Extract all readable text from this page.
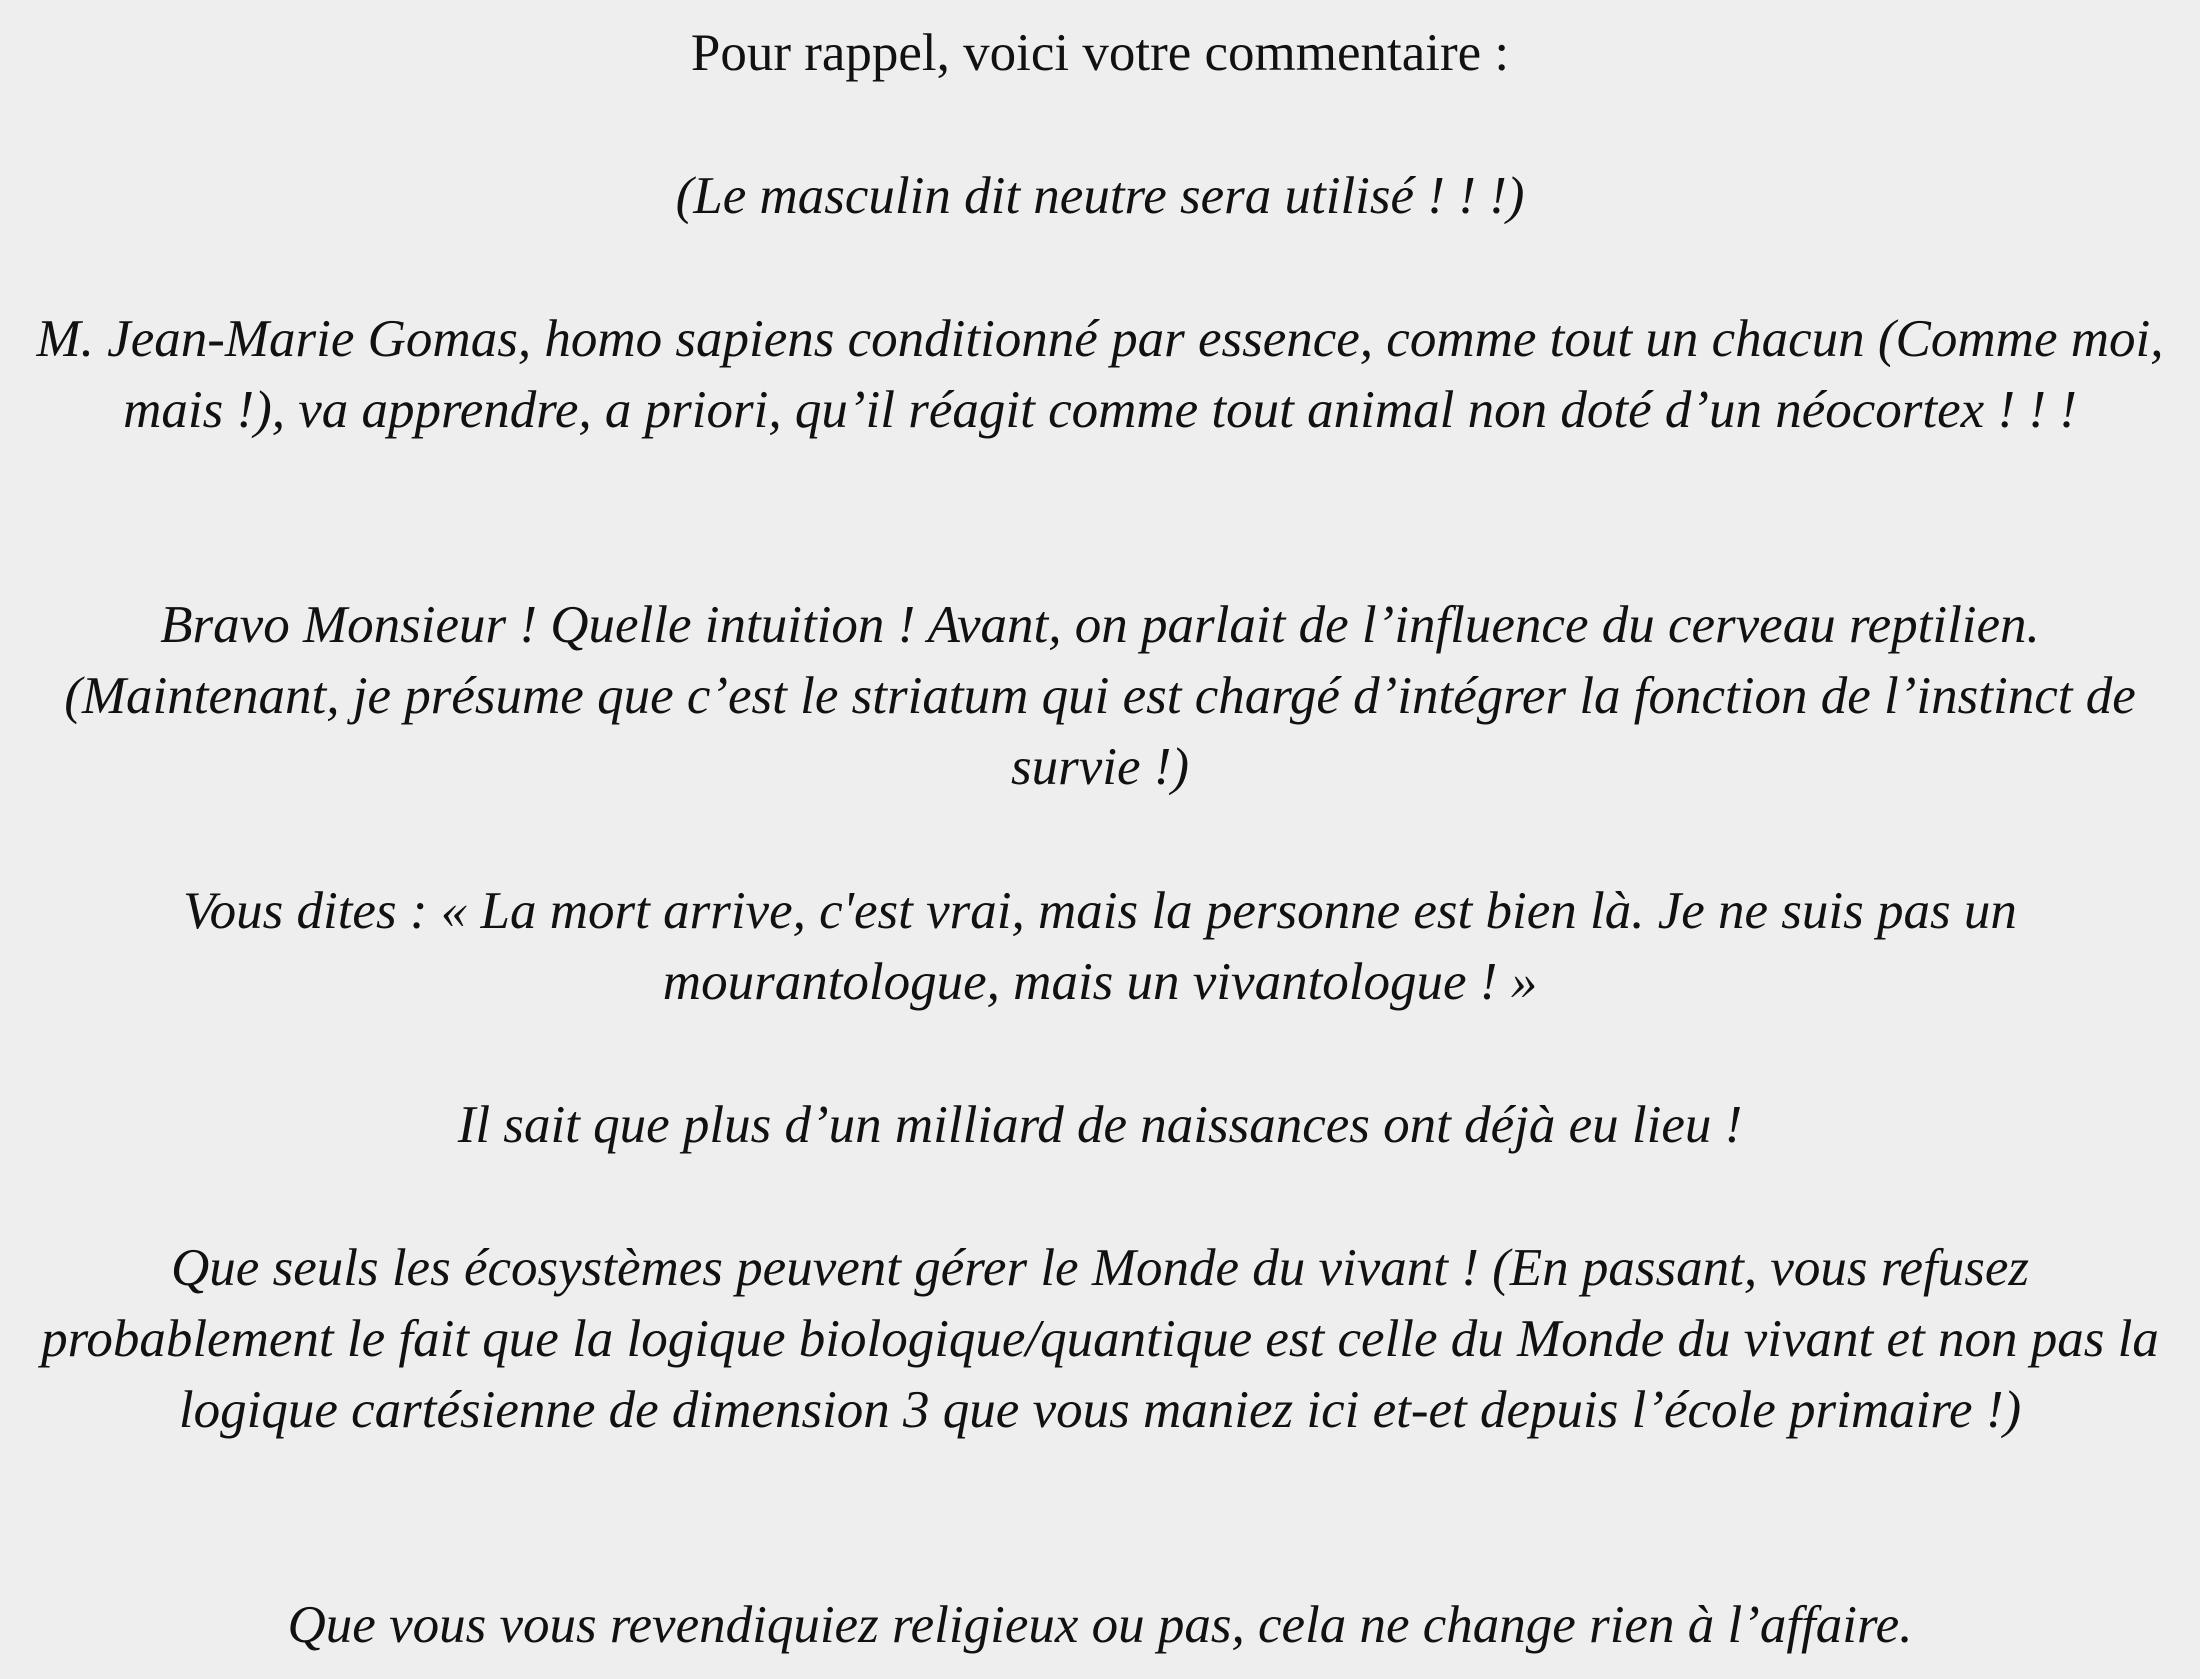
Pour rappel, voici votre commentaire :

(Le masculin dit neutre sera utilisé ! ! !)

M. Jean-Marie Gomas, homo sapiens conditionné par essence, comme tout un chacun (Comme moi, mais !), va apprendre, a priori, qu’il réagit comme tout animal non doté d’un néocortex ! ! !

Bravo Monsieur ! Quelle intuition ! Avant, on parlait de l’influence du cerveau reptilien. (Maintenant, je présume que c’est le striatum qui est chargé d’intégrer la fonction de l’instinct de survie !)

Vous dites : « La mort arrive, c'est vrai, mais la personne est bien là. Je ne suis pas un mourantologue, mais un vivantologue ! »

Il sait que plus d’un milliard de naissances ont déjà eu lieu !

Que seuls les écosystèmes peuvent gérer le Monde du vivant ! (En passant, vous refusez probablement le fait que la logique biologique/quantique est celle du Monde du vivant et non pas la logique cartésienne de dimension 3 que vous maniez ici et-et depuis l’école primaire !)

Que vous vous revendiquiez religieux ou pas, cela ne change rien à l’affaire.
